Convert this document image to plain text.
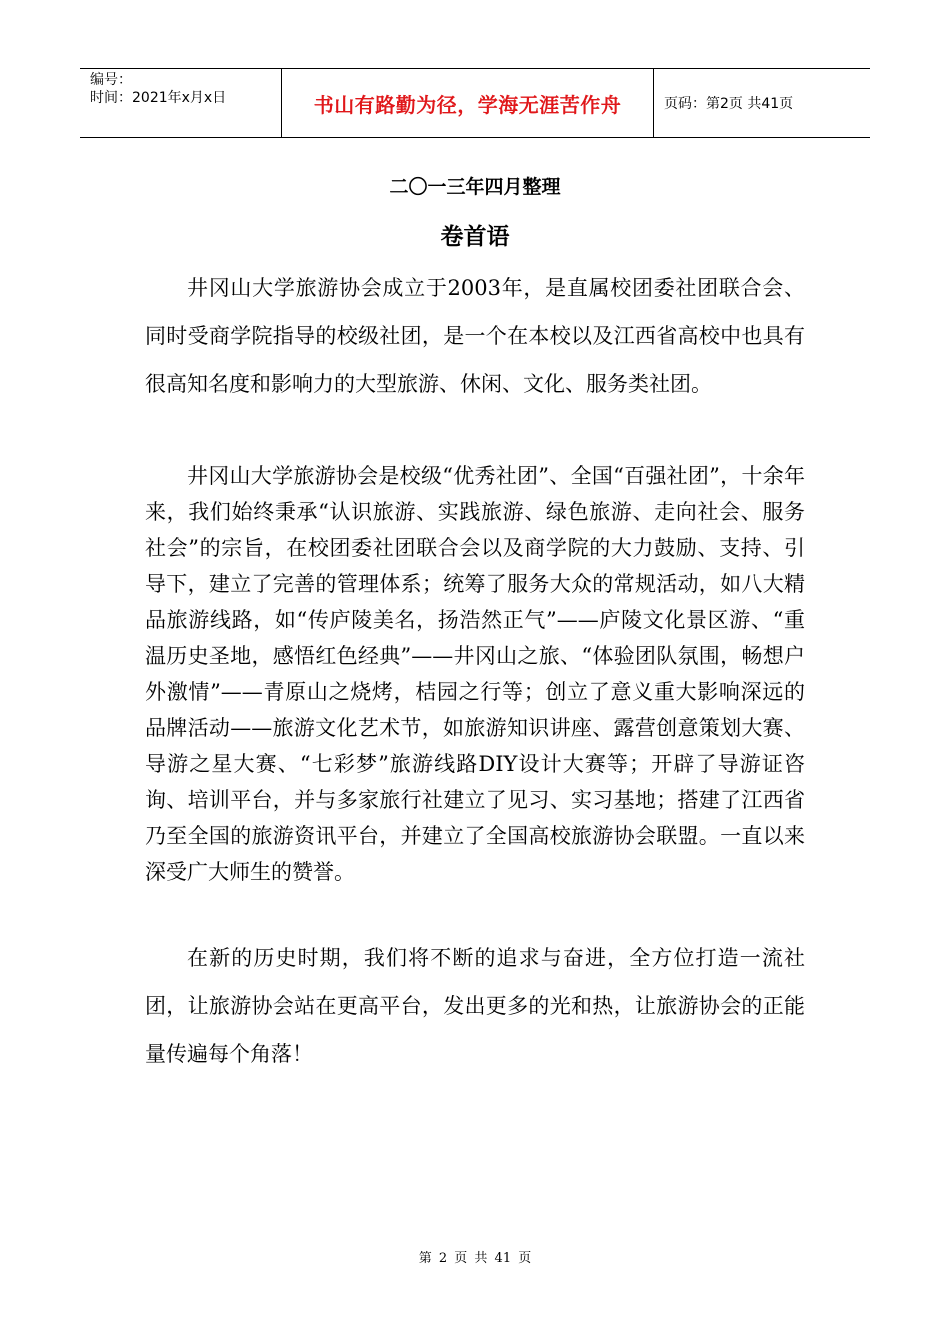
编号：
时间：2021年x月x日	书山有路勤为径，学海无涯苦作舟	页码：第2页 共41页
二〇一三年四月整理
卷首语

井冈山大学旅游协会成立于2003年，是直属校团委社团联合会、同时受商学院指导的校级社团，是一个在本校以及江西省高校中也具有很高知名度和影响力的大型旅游、休闲、文化、服务类社团。

井冈山大学旅游协会是校级“优秀社团”、全国“百强社团”，十余年来，我们始终秉承“认识旅游、实践旅游、绿色旅游、走向社会、服务社会”的宗旨，在校团委社团联合会以及商学院的大力鼓励、支持、引导下，建立了完善的管理体系；统筹了服务大众的常规活动，如八大精品旅游线路，如“传庐陵美名，扬浩然正气”——庐陵文化景区游、“重温历史圣地，感悟红色经典”——井冈山之旅、“体验团队氛围，畅想户外激情”——青原山之烧烤，桔园之行等；创立了意义重大影响深远的品牌活动——旅游文化艺术节，如旅游知识讲座、露营创意策划大赛、导游之星大赛、“七彩梦”旅游线路DIY设计大赛等；开辟了导游证咨询、培训平台，并与多家旅行社建立了见习、实习基地；搭建了江西省乃至全国的旅游资讯平台，并建立了全国高校旅游协会联盟。一直以来深受广大师生的赞誉。

在新的历史时期，我们将不断的追求与奋进，全方位打造一流社团，让旅游协会站在更高平台，发出更多的光和热，让旅游协会的正能量传遍每个角落！

第 2 页 共 41 页
